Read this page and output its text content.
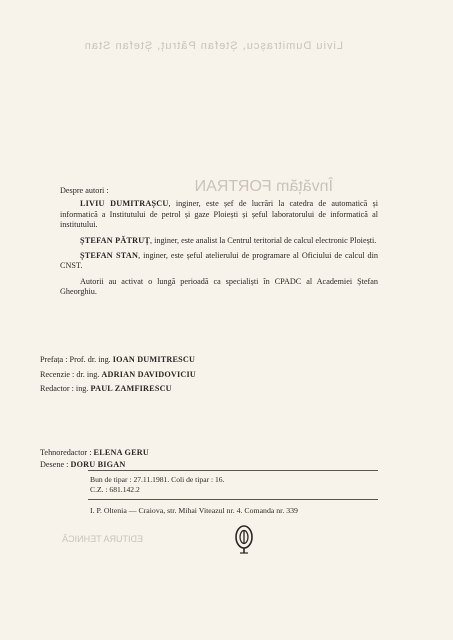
Liviu Dumitrașcu, Ștefan Pătruț, Ștefan Stan
Învățăm FORTRAN
EDITURA TEHNICĂ
Despre autori :

LIVIU DUMITRAȘCU, inginer, este șef de lucrări la catedra de automatică și informatică a Institutului de petrol și gaze Ploiești și șeful laboratorului de informatică al institutului.

ȘTEFAN PĂTRUȚ, inginer, este analist la Centrul teritorial de calcul electronic Ploiești.

ȘTEFAN STAN, inginer, este șeful atelierului de programare al Oficiului de calcul din CNST.

Autorii au activat o lungă perioadă ca specialiști în CPADC al Academiei Ștefan Gheorghiu.

Prefața : Prof. dr. ing. IOAN DUMITRESCU
Recenzie : dr. ing. ADRIAN DAVIDOVICIU
Redactor : ing. PAUL ZAMFIRESCU
Tehnoredactor : ELENA GERU
Desene : DORU BIGAN
Bun de tipar : 27.11.1981. Coli de tipar : 16.
C.Z. : 681.142.2
I. P. Oltenia — Craiova, str. Mihai Viteazul nr. 4. Comanda nr. 339
